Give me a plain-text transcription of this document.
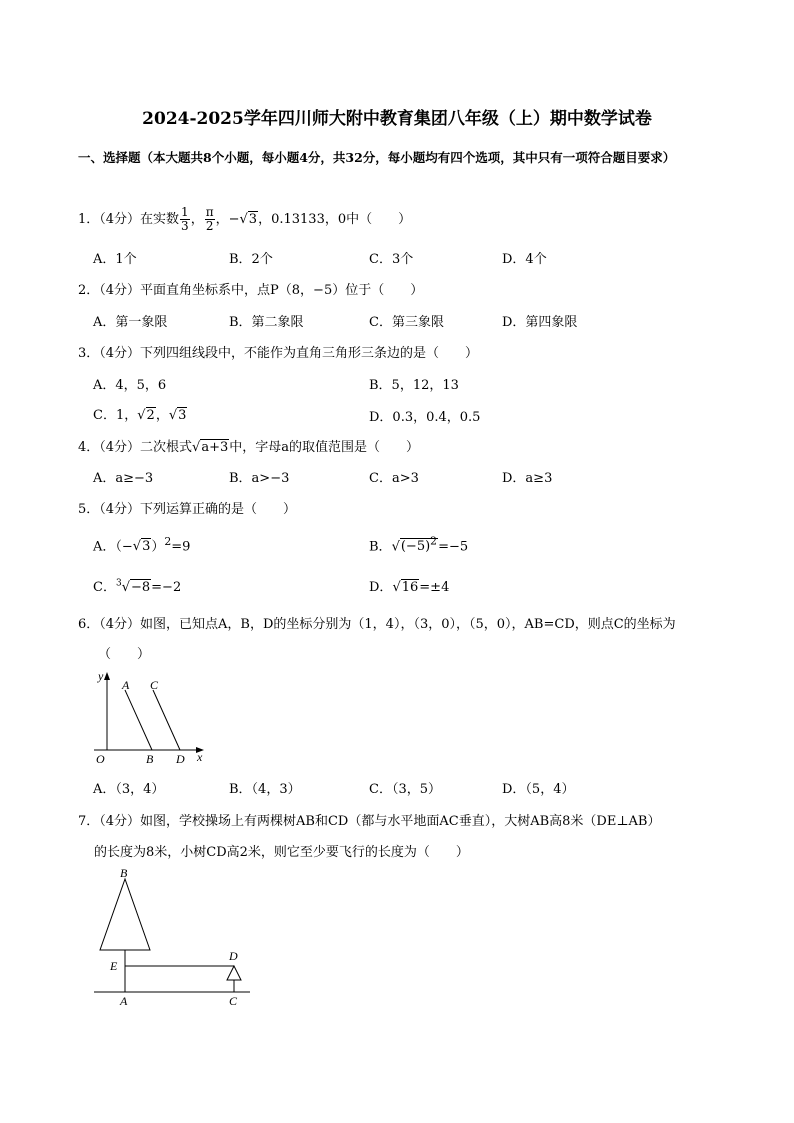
2024-2025学年四川师大附中教育集团八年级（上）期中数学试卷
一、选择题（本大题共8个小题，每小题4分，共32分，每小题均有四个选项，其中只有一项符合题目要求）
1．（4分）在实数 $\frac{1}{3}$ ， $\frac{\pi}{2}$ ，−√3，0.13133，0中（　　）
A．1个	B．2个	C．3个	D．4个
2．（4分）平面直角坐标系中，点P（8，−5）位于（　　）
A．第一象限	B．第二象限	C．第三象限	D．第四象限
3．（4分）下列四组线段中，不能作为直角三角形三条边的是（　　）
A．4，5，6	B．5，12，13
C．1，√2，√3	D．0.3，0.4，0.5
4．（4分）二次根式√a+3中，字母a的取值范围是（　　）
A．a≥−3	B．a>−3	C．a>3	D．a≥3
5．（4分）下列运算正确的是（　　）
A．$(-√3)^2=9$	B．$√(-5)^2=-5$
C．$^3$√−8=−2	D．√16=±4
6．（4分）如图，已知点A，B，D的坐标分别为（1，4），（3，0），（5，0），AB=CD，则点C的坐标为
（　　）
y
A C
O	B D x
A．（3，4）	B．（4，3）	C．（3，5）	D．（5，4）
7．（4分）如图，学校操场上有两棵树AB和CD（都与水平地面AC垂直），大树AB高8米（DE⊥AB）
的长度为8米，小树CD高2米，则它至少要飞行的长度为（　　）
B
E
D
A	C
